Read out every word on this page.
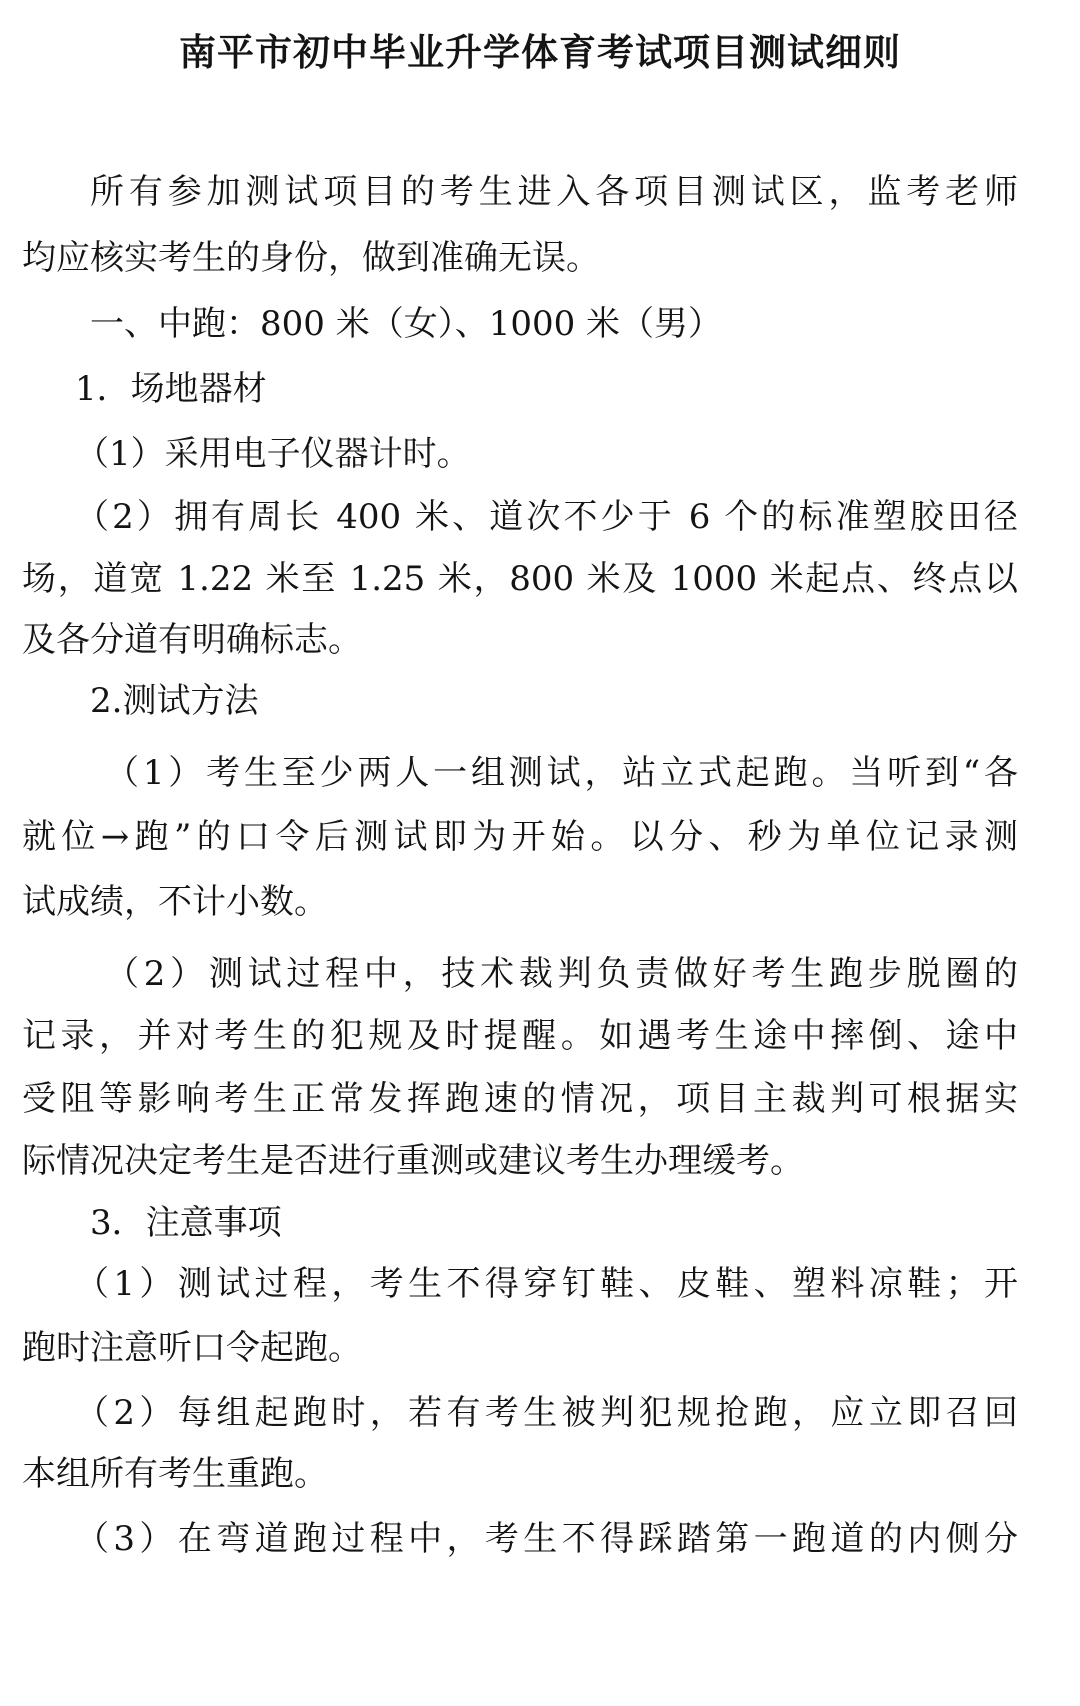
南平市初中毕业升学体育考试项目测试细则
所有参加测试项目的考生进入各项目测试区，监考老师
均应核实考生的身份，做到准确无误。
一、中跑：800 米（女）、1000 米（男）
1．场地器材
（1）采用电子仪器计时。
（2）拥有周长 400 米、道次不少于 6 个的标准塑胶田径
场，道宽 1.22 米至 1.25 米，800 米及 1000 米起点、终点以
及各分道有明确标志。
2.测试方法
（1）考生至少两人一组测试，站立式起跑。当听到“各
就位→跑”的口令后测试即为开始。以分、秒为单位记录测
试成绩，不计小数。
（2）测试过程中，技术裁判负责做好考生跑步脱圈的
记录，并对考生的犯规及时提醒。如遇考生途中摔倒、途中
受阻等影响考生正常发挥跑速的情况，项目主裁判可根据实
际情况决定考生是否进行重测或建议考生办理缓考。
3．注意事项
（1）测试过程，考生不得穿钉鞋、皮鞋、塑料凉鞋；开
跑时注意听口令起跑。
（2）每组起跑时，若有考生被判犯规抢跑，应立即召回
本组所有考生重跑。
（3）在弯道跑过程中，考生不得踩踏第一跑道的内侧分
